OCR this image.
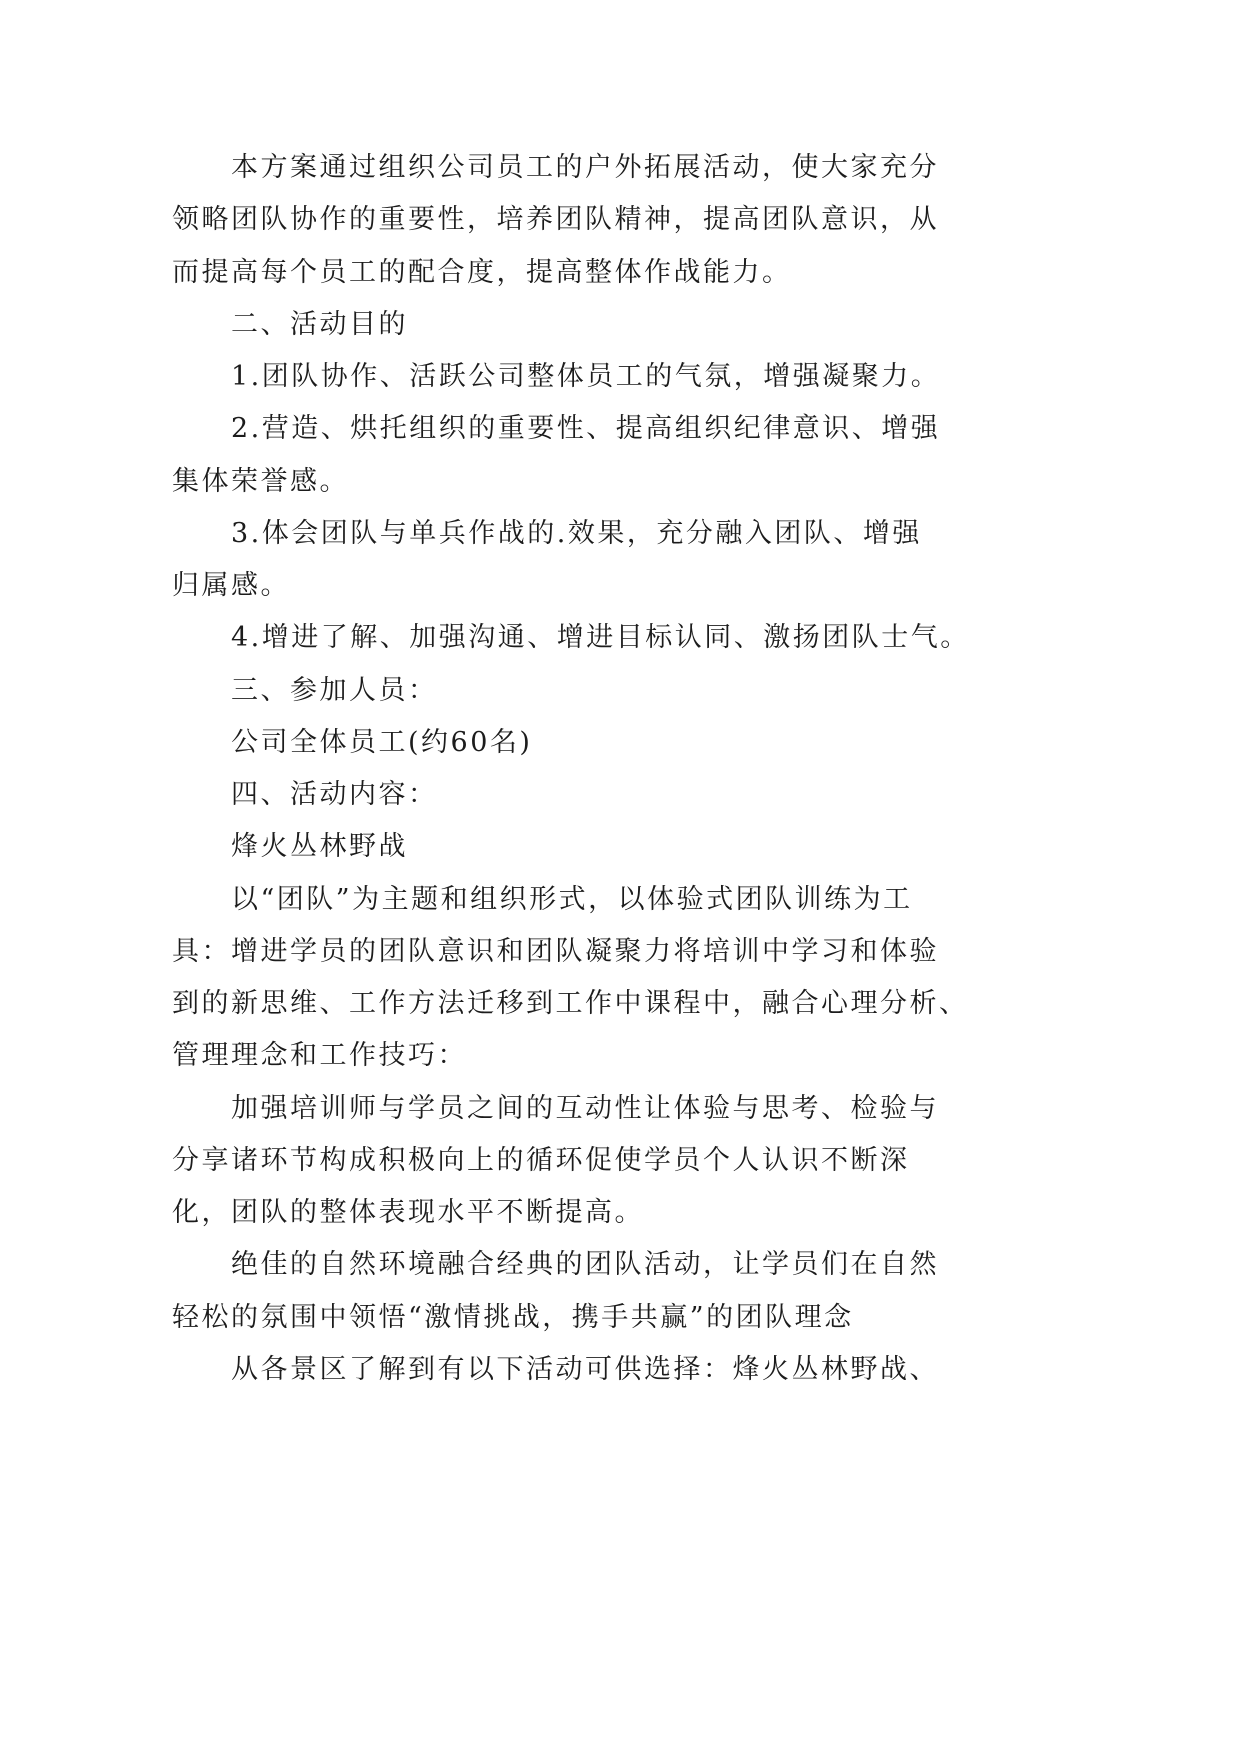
本方案通过组织公司员工的户外拓展活动，使大家充分
领略团队协作的重要性，培养团队精神，提高团队意识，从
而提高每个员工的配合度，提高整体作战能力。
二、活动目的
1.团队协作、活跃公司整体员工的气氛，增强凝聚力。
2.营造、烘托组织的重要性、提高组织纪律意识、增强
集体荣誉感。
3.体会团队与单兵作战的.效果，充分融入团队、增强
归属感。
4.增进了解、加强沟通、增进目标认同、激扬团队士气。
三、参加人员：
公司全体员工(约60名)
四、活动内容：
烽火丛林野战
以“团队”为主题和组织形式，以体验式团队训练为工
具：增进学员的团队意识和团队凝聚力将培训中学习和体验
到的新思维、工作方法迁移到工作中课程中，融合心理分析、
管理理念和工作技巧：
加强培训师与学员之间的互动性让体验与思考、检验与
分享诸环节构成积极向上的循环促使学员个人认识不断深
化，团队的整体表现水平不断提高。
绝佳的自然环境融合经典的团队活动，让学员们在自然
轻松的氛围中领悟“激情挑战，携手共赢”的团队理念
从各景区了解到有以下活动可供选择：烽火丛林野战、
